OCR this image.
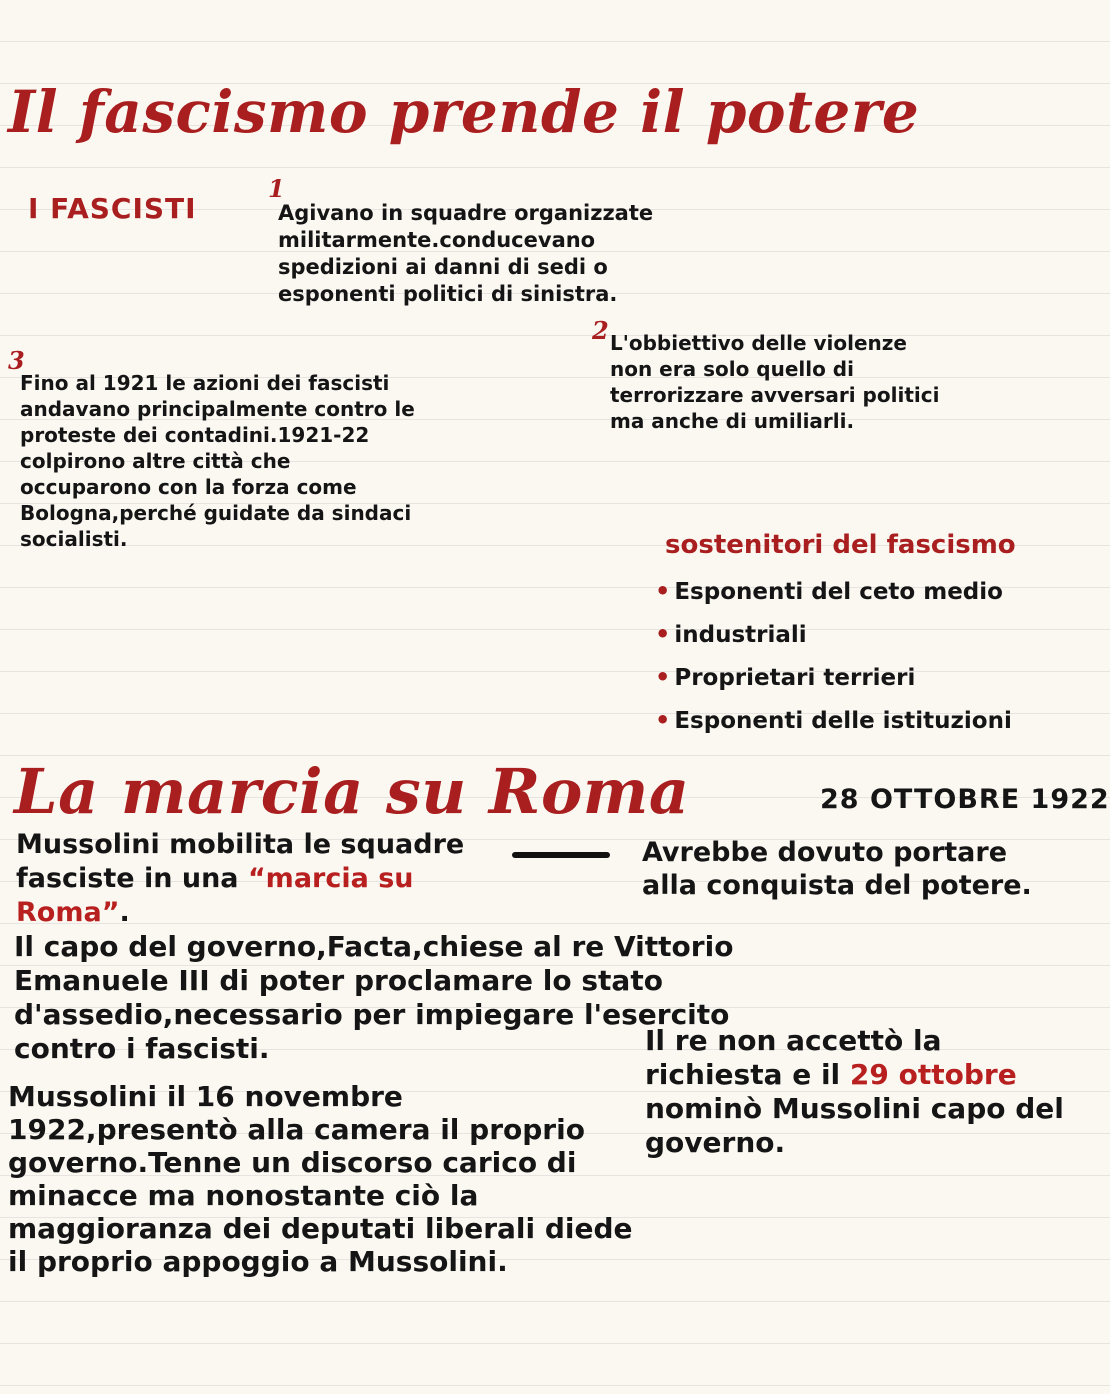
Il fascismo prende il potere
I FASCISTI
1

Agivano in squadre organizzate militarmente.conducevano spedizioni ai danni di sedi o esponenti politici di sinistra.

2 L'obbiettivo delle violenze non era solo quello di terrorizzare avversari politici ma anche di umiliarli.

3

Fino al 1921 le azioni dei fascisti andavano principalmente contro le proteste dei contadini.1921-22 colpirono altre città che occuparono con la forza come Bologna,perché guidate da sindaci socialisti.	sostenitori del fascismo
• Esponenti del ceto medio
• industriali
• Proprietari terrieri
• Esponenti delle istituzioni
La marcia su Roma	28 OTTOBRE 1922

Mussolini mobilita le squadre fasciste in una “marcia su Roma”.

Avrebbe dovuto portare alla conquista del potere.

Il capo del governo,Facta,chiese al re Vittorio Emanuele III di poter proclamare lo stato d'assedio,necessario per impiegare l'esercito contro i fascisti.	Il re non accettò la richiesta e il 29 ottobre nominò Mussolini capo del governo.

Mussolini il 16 novembre 1922,presentò alla camera il proprio governo.Tenne un discorso carico di minacce ma nonostante ciò la maggioranza dei deputati liberali diede il proprio appoggio a Mussolini.
